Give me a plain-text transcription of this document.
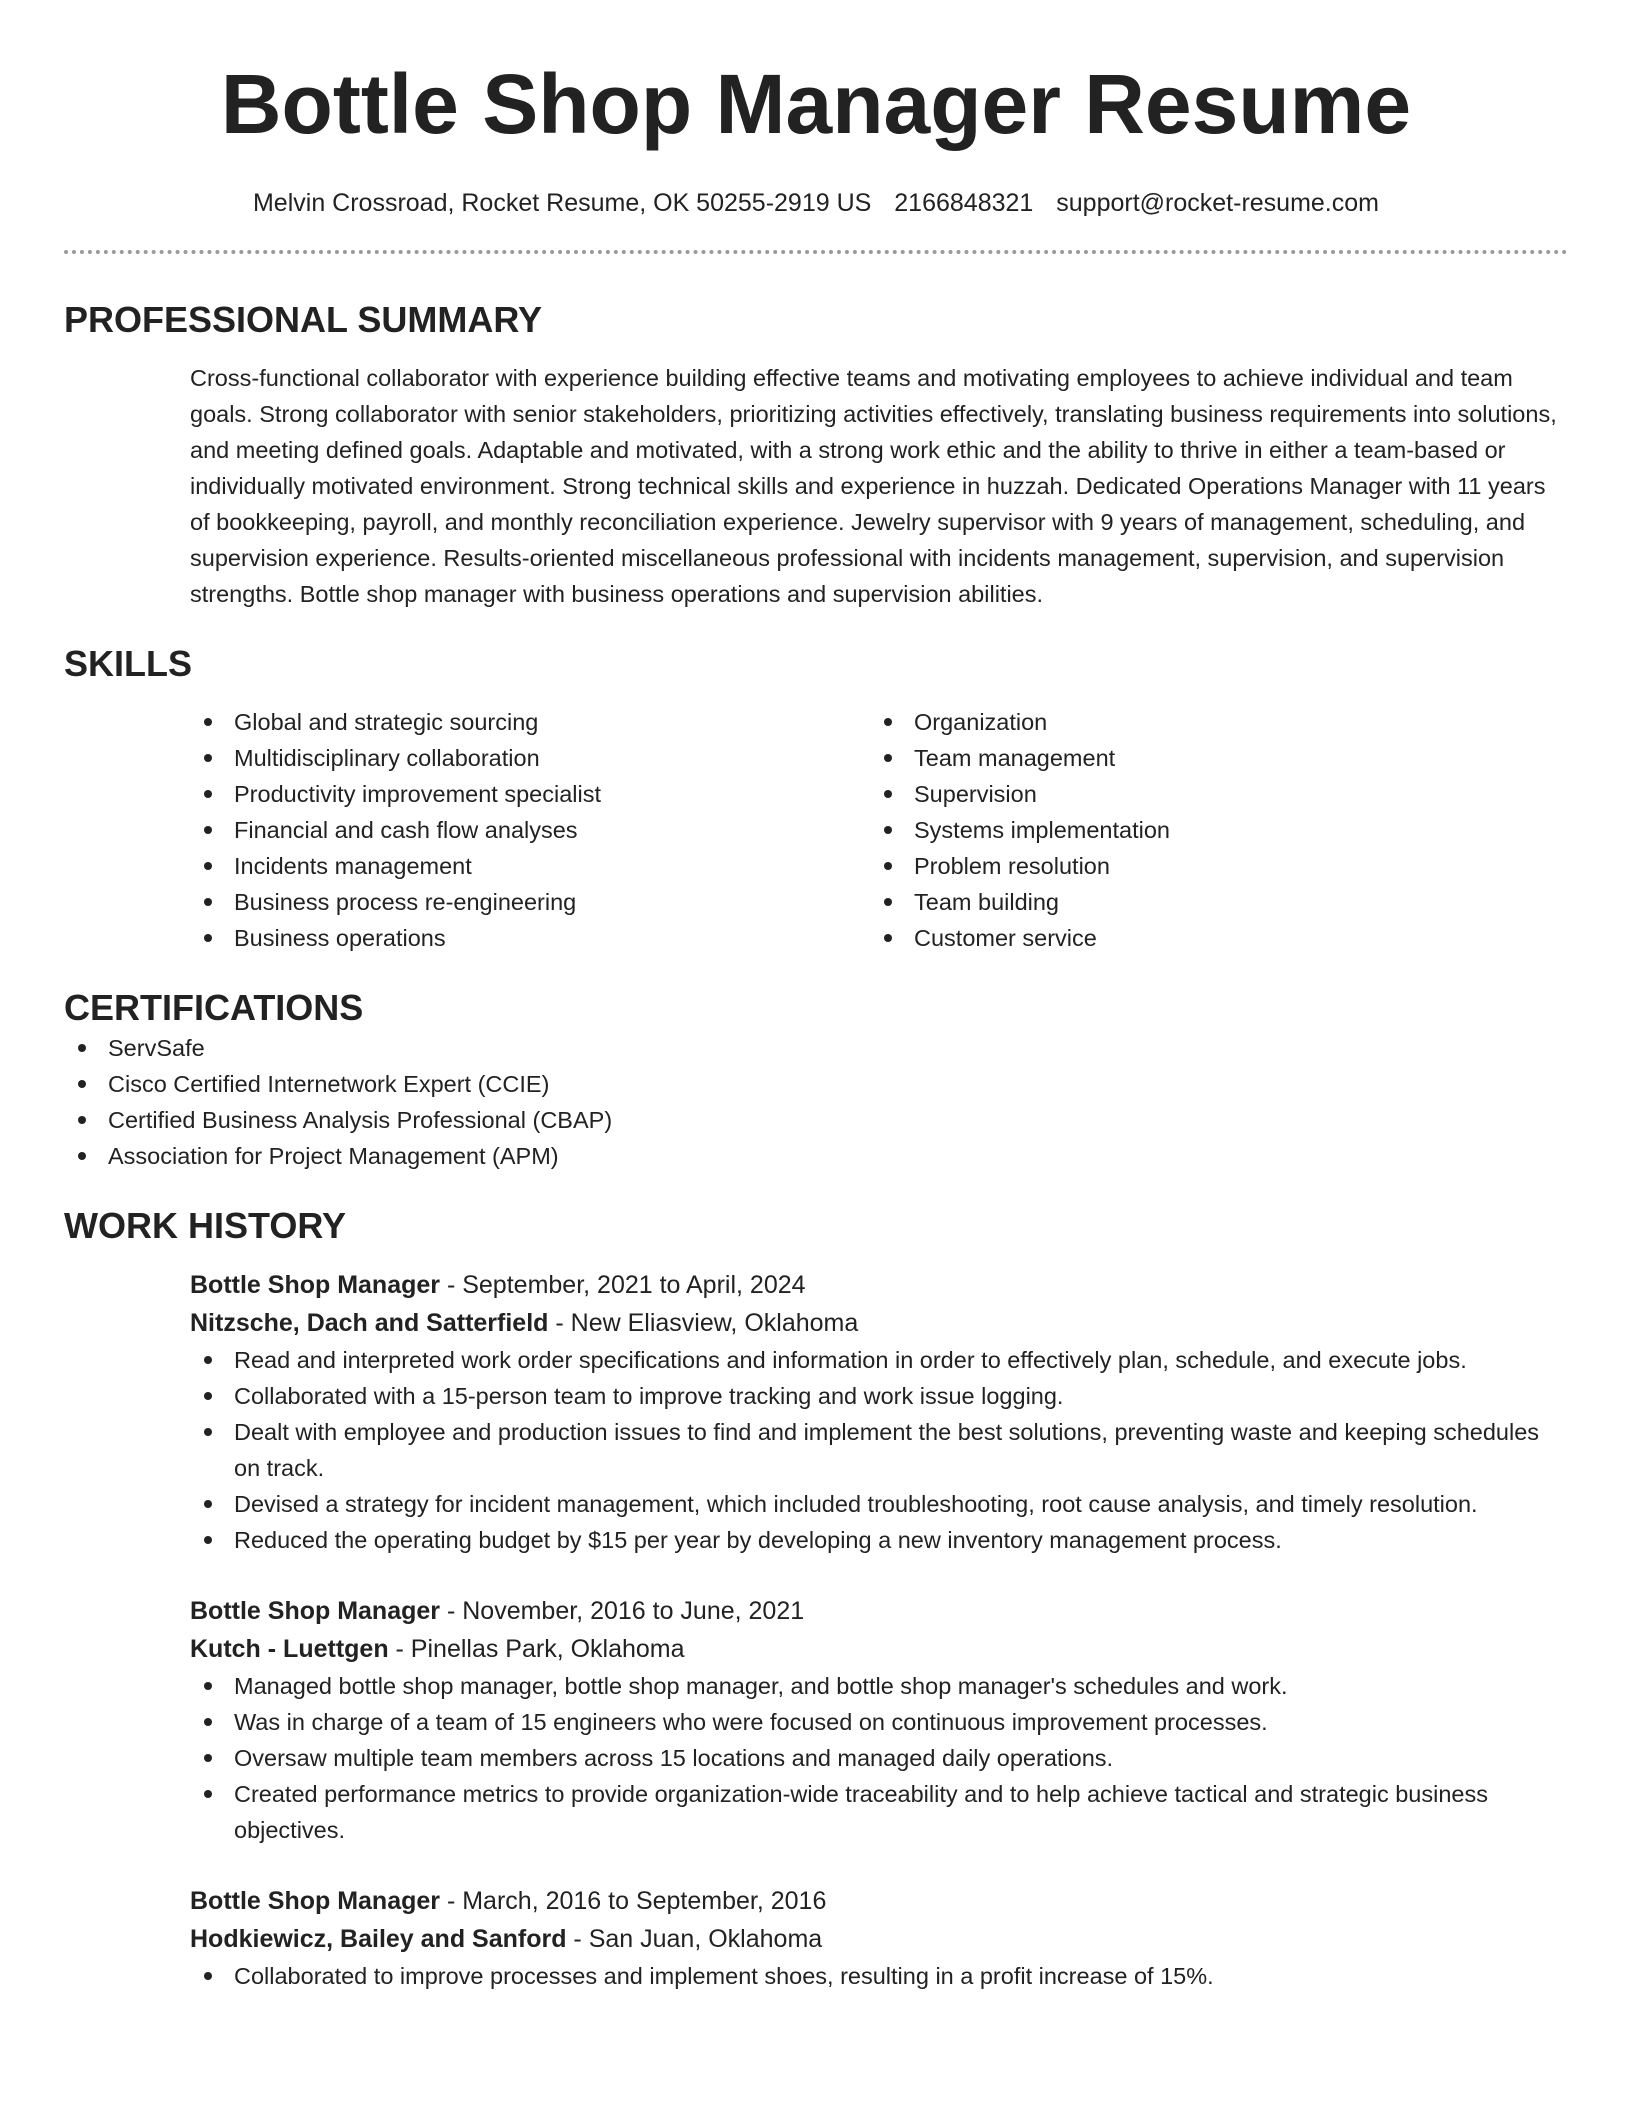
Bottle Shop Manager Resume
Melvin Crossroad, Rocket Resume, OK 50255-2919 US 2166848321 support@rocket-resume.com
PROFESSIONAL SUMMARY
Cross-functional collaborator with experience building effective teams and motivating employees to achieve individual and team goals. Strong collaborator with senior stakeholders, prioritizing activities effectively, translating business requirements into solutions, and meeting defined goals. Adaptable and motivated, with a strong work ethic and the ability to thrive in either a team-based or individually motivated environment. Strong technical skills and experience in huzzah. Dedicated Operations Manager with 11 years of bookkeeping, payroll, and monthly reconciliation experience. Jewelry supervisor with 9 years of management, scheduling, and supervision experience. Results-oriented miscellaneous professional with incidents management, supervision, and supervision strengths. Bottle shop manager with business operations and supervision abilities.
SKILLS
Global and strategic sourcing
Multidisciplinary collaboration
Productivity improvement specialist
Financial and cash flow analyses
Incidents management
Business process re-engineering
Business operations
Organization
Team management
Supervision
Systems implementation
Problem resolution
Team building
Customer service
CERTIFICATIONS
ServSafe
Cisco Certified Internetwork Expert (CCIE)
Certified Business Analysis Professional (CBAP)
Association for Project Management (APM)
WORK HISTORY
Bottle Shop Manager - September, 2021 to April, 2024
Nitzsche, Dach and Satterfield - New Eliasview, Oklahoma
Read and interpreted work order specifications and information in order to effectively plan, schedule, and execute jobs.
Collaborated with a 15-person team to improve tracking and work issue logging.
Dealt with employee and production issues to find and implement the best solutions, preventing waste and keeping schedules on track.
Devised a strategy for incident management, which included troubleshooting, root cause analysis, and timely resolution.
Reduced the operating budget by $15 per year by developing a new inventory management process.
Bottle Shop Manager - November, 2016 to June, 2021
Kutch - Luettgen - Pinellas Park, Oklahoma
Managed bottle shop manager, bottle shop manager, and bottle shop manager's schedules and work.
Was in charge of a team of 15 engineers who were focused on continuous improvement processes.
Oversaw multiple team members across 15 locations and managed daily operations.
Created performance metrics to provide organization-wide traceability and to help achieve tactical and strategic business objectives.
Bottle Shop Manager - March, 2016 to September, 2016
Hodkiewicz, Bailey and Sanford - San Juan, Oklahoma
Collaborated to improve processes and implement shoes, resulting in a profit increase of 15%.
